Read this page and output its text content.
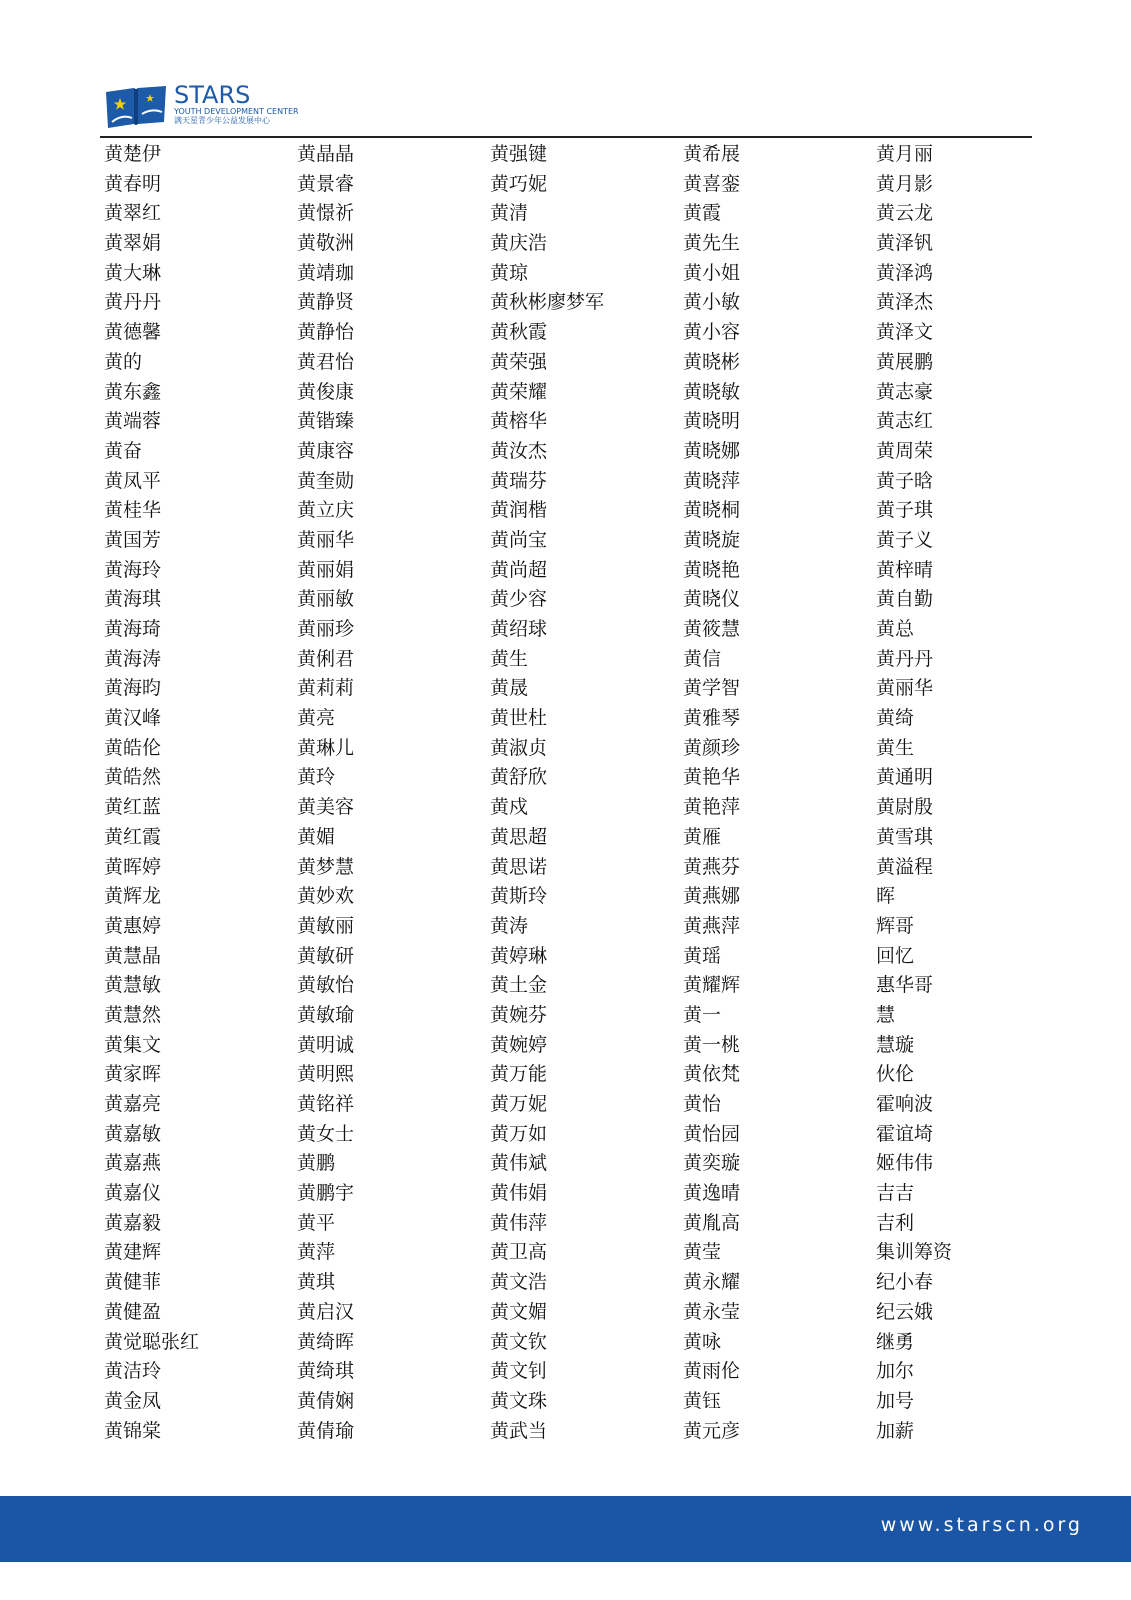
STARS
YOUTH DEVELOPMENT CENTER
满天星青少年公益发展中心
黄楚伊
黄春明
黄翠红
黄翠娟
黄大琳
黄丹丹
黄德馨
黄的
黄东鑫
黄端蓉
黄奋
黄凤平
黄桂华
黄国芳
黄海玲
黄海琪
黄海琦
黄海涛
黄海昀
黄汉峰
黄皓伦
黄皓然
黄红蓝
黄红霞
黄晖婷
黄辉龙
黄惠婷
黄慧晶
黄慧敏
黄慧然
黄集文
黄家晖
黄嘉亮
黄嘉敏
黄嘉燕
黄嘉仪
黄嘉毅
黄建辉
黄健菲
黄健盈
黄觉聪张红
黄洁玲
黄金凤
黄锦棠
黄晶晶
黄景睿
黄憬祈
黄敬洲
黄靖珈
黄静贤
黄静怡
黄君怡
黄俊康
黄锴臻
黄康容
黄奎勋
黄立庆
黄丽华
黄丽娟
黄丽敏
黄丽珍
黄俐君
黄莉莉
黄亮
黄琳儿
黄玲
黄美容
黄媚
黄梦慧
黄妙欢
黄敏丽
黄敏研
黄敏怡
黄敏瑜
黄明诚
黄明熙
黄铭祥
黄女士
黄鹏
黄鹏宇
黄平
黄萍
黄琪
黄启汉
黄绮晖
黄绮琪
黄倩娴
黄倩瑜
黄强键
黄巧妮
黄清
黄庆浩
黄琼
黄秋彬廖梦军
黄秋霞
黄荣强
黄荣耀
黄榕华
黄汝杰
黄瑞芬
黄润楷
黄尚宝
黄尚超
黄少容
黄绍球
黄生
黄晟
黄世杜
黄淑贞
黄舒欣
黄戍
黄思超
黄思诺
黄斯玲
黄涛
黄婷琳
黄土金
黄婉芬
黄婉婷
黄万能
黄万妮
黄万如
黄伟斌
黄伟娟
黄伟萍
黄卫高
黄文浩
黄文媚
黄文钦
黄文钊
黄文珠
黄武当
黄希展
黄喜銮
黄霞
黄先生
黄小姐
黄小敏
黄小容
黄晓彬
黄晓敏
黄晓明
黄晓娜
黄晓萍
黄晓桐
黄晓旋
黄晓艳
黄晓仪
黄筱慧
黄信
黄学智
黄雅琴
黄颜珍
黄艳华
黄艳萍
黄雁
黄燕芬
黄燕娜
黄燕萍
黄瑶
黄耀辉
黄一
黄一桃
黄依梵
黄怡
黄怡园
黄奕璇
黄逸晴
黄胤高
黄莹
黄永耀
黄永莹
黄咏
黄雨伦
黄钰
黄元彦
黄月丽
黄月影
黄云龙
黄泽钒
黄泽鸿
黄泽杰
黄泽文
黄展鹏
黄志豪
黄志红
黄周荣
黄子晗
黄子琪
黄子义
黄梓晴
黄自勤
黄总
黄丹丹
黄丽华
黄绮
黄生
黄通明
黄尉殷
黄雪琪
黄溢程
晖
辉哥
回忆
惠华哥
慧
慧璇
伙伦
霍响波
霍谊埼
姬伟伟
吉吉
吉利
集训筹资
纪小春
纪云娥
继勇
加尔
加号
加薪
www.starscn.org
